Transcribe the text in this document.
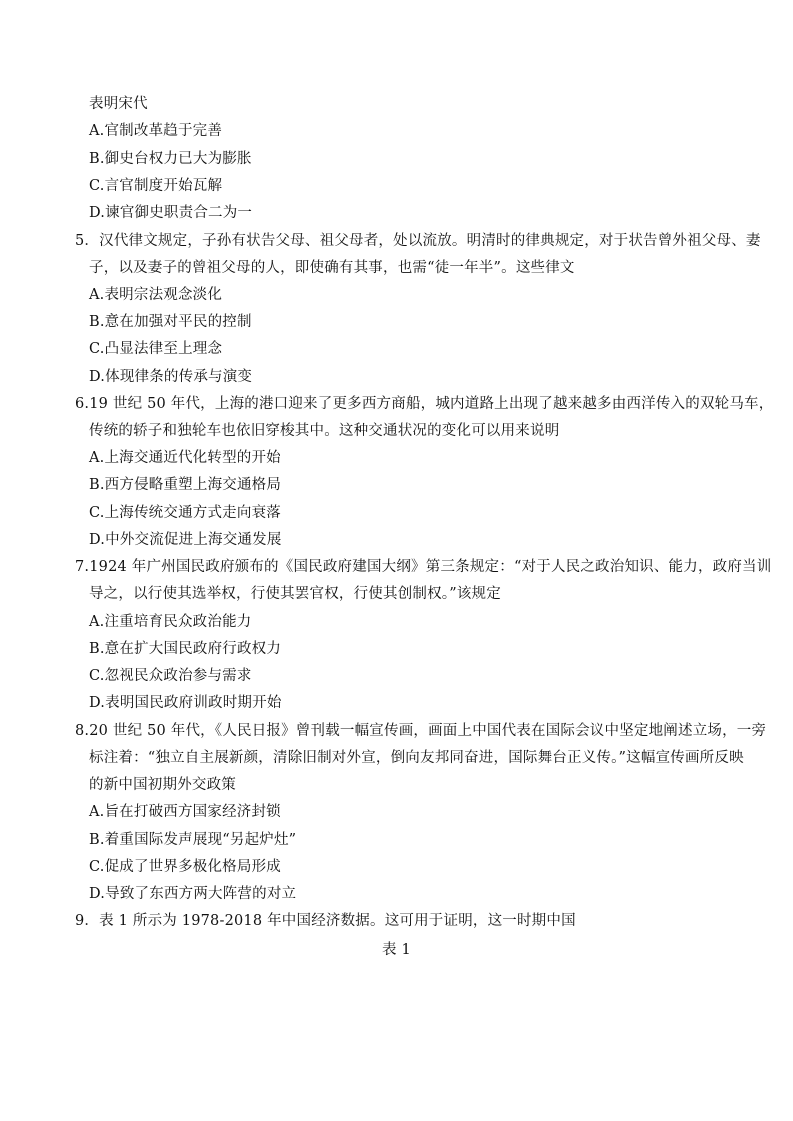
表明宋代
A.官制改革趋于完善
B.御史台权力已大为膨胀
C.言官制度开始瓦解
D.谏官御史职责合二为一
5．汉代律文规定，子孙有状告父母、祖父母者，处以流放。明清时的律典规定，对于状告曾外祖父母、妻
子，以及妻子的曾祖父母的人，即使确有其事，也需“徒一年半”。这些律文
A.表明宗法观念淡化
B.意在加强对平民的控制
C.凸显法律至上理念
D.体现律条的传承与演变
6.19 世纪 50 年代，上海的港口迎来了更多西方商船，城内道路上出现了越来越多由西洋传入的双轮马车，
传统的轿子和独轮车也依旧穿梭其中。这种交通状况的变化可以用来说明
A.上海交通近代化转型的开始
B.西方侵略重塑上海交通格局
C.上海传统交通方式走向衰落
D.中外交流促进上海交通发展
7.1924 年广州国民政府颁布的《国民政府建国大纲》第三条规定：“对于人民之政治知识、能力，政府当训
导之，以行使其选举权，行使其罢官权，行使其创制权。”该规定
A.注重培育民众政治能力
B.意在扩大国民政府行政权力
C.忽视民众政治参与需求
D.表明国民政府训政时期开始
8.20 世纪 50 年代，《人民日报》曾刊载一幅宣传画，画面上中国代表在国际会议中坚定地阐述立场，一旁
标注着：“独立自主展新颜，清除旧制对外宣，倒向友邦同奋进，国际舞台正义传。”这幅宣传画所反映
的新中国初期外交政策
A.旨在打破西方国家经济封锁
B.着重国际发声展现“另起炉灶”
C.促成了世界多极化格局形成
D.导致了东西方两大阵营的对立
9．表 1 所示为 1978-2018 年中国经济数据。这可用于证明，这一时期中国
表 1
